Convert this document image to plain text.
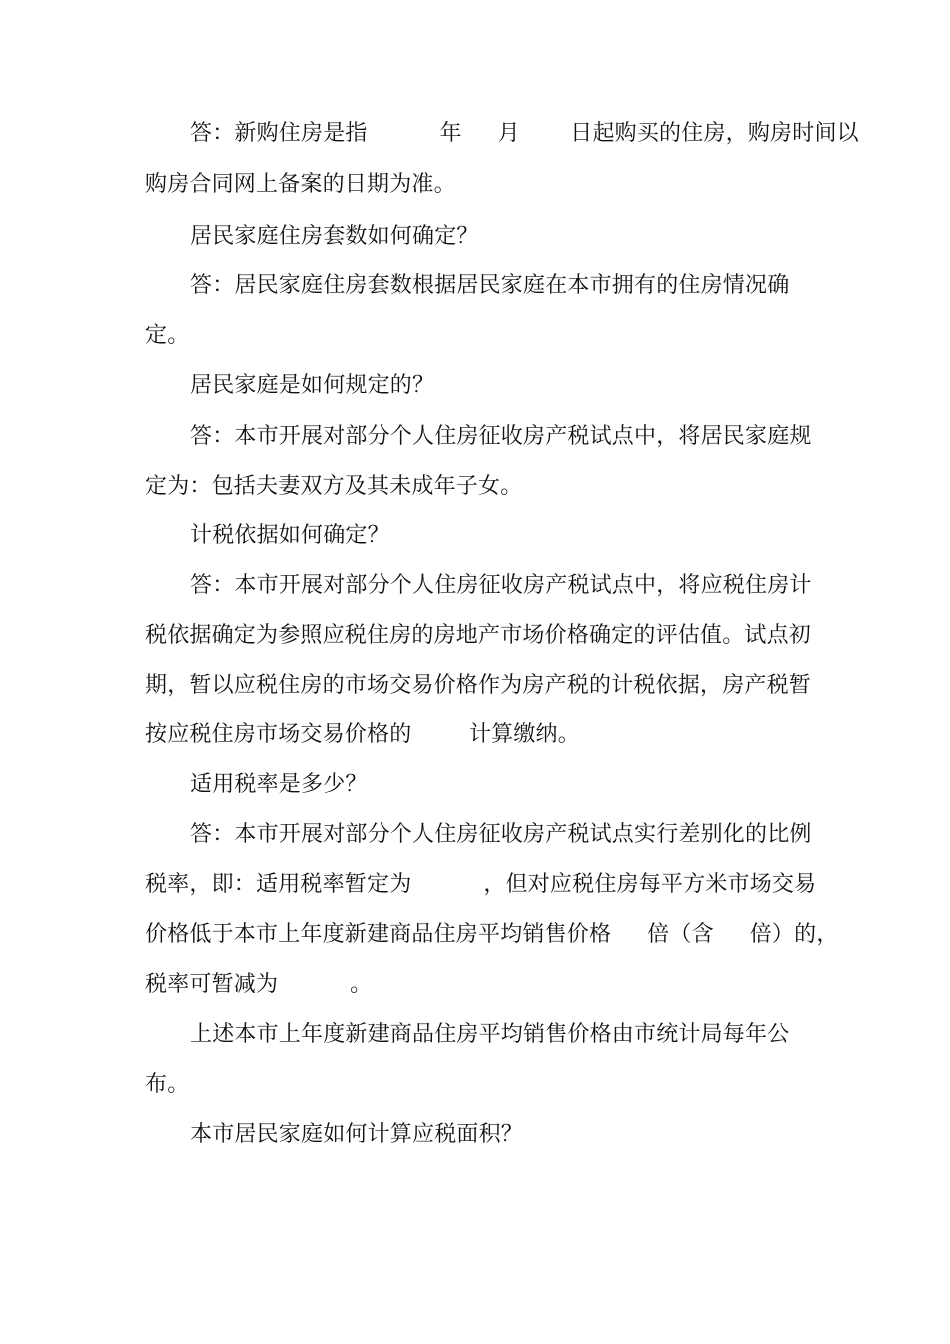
答：新购住房是指          年     月       日起购买的住房，购房时间以
购房合同网上备案的日期为准。
居民家庭住房套数如何确定？
答：居民家庭住房套数根据居民家庭在本市拥有的住房情况确
定。
居民家庭是如何规定的？
答：本市开展对部分个人住房征收房产税试点中，将居民家庭规
定为：包括夫妻双方及其未成年子女。
计税依据如何确定？
答：本市开展对部分个人住房征收房产税试点中，将应税住房计
税依据确定为参照应税住房的房地产市场价格确定的评估值。试点初
期，暂以应税住房的市场交易价格作为房产税的计税依据，房产税暂
按应税住房市场交易价格的        计算缴纳。
适用税率是多少？
答：本市开展对部分个人住房征收房产税试点实行差别化的比例
税率，即：适用税率暂定为          ，但对应税住房每平方米市场交易
价格低于本市上年度新建商品住房平均销售价格     倍（含     倍）的，
税率可暂减为          。
上述本市上年度新建商品住房平均销售价格由市统计局每年公
布。
本市居民家庭如何计算应税面积？
